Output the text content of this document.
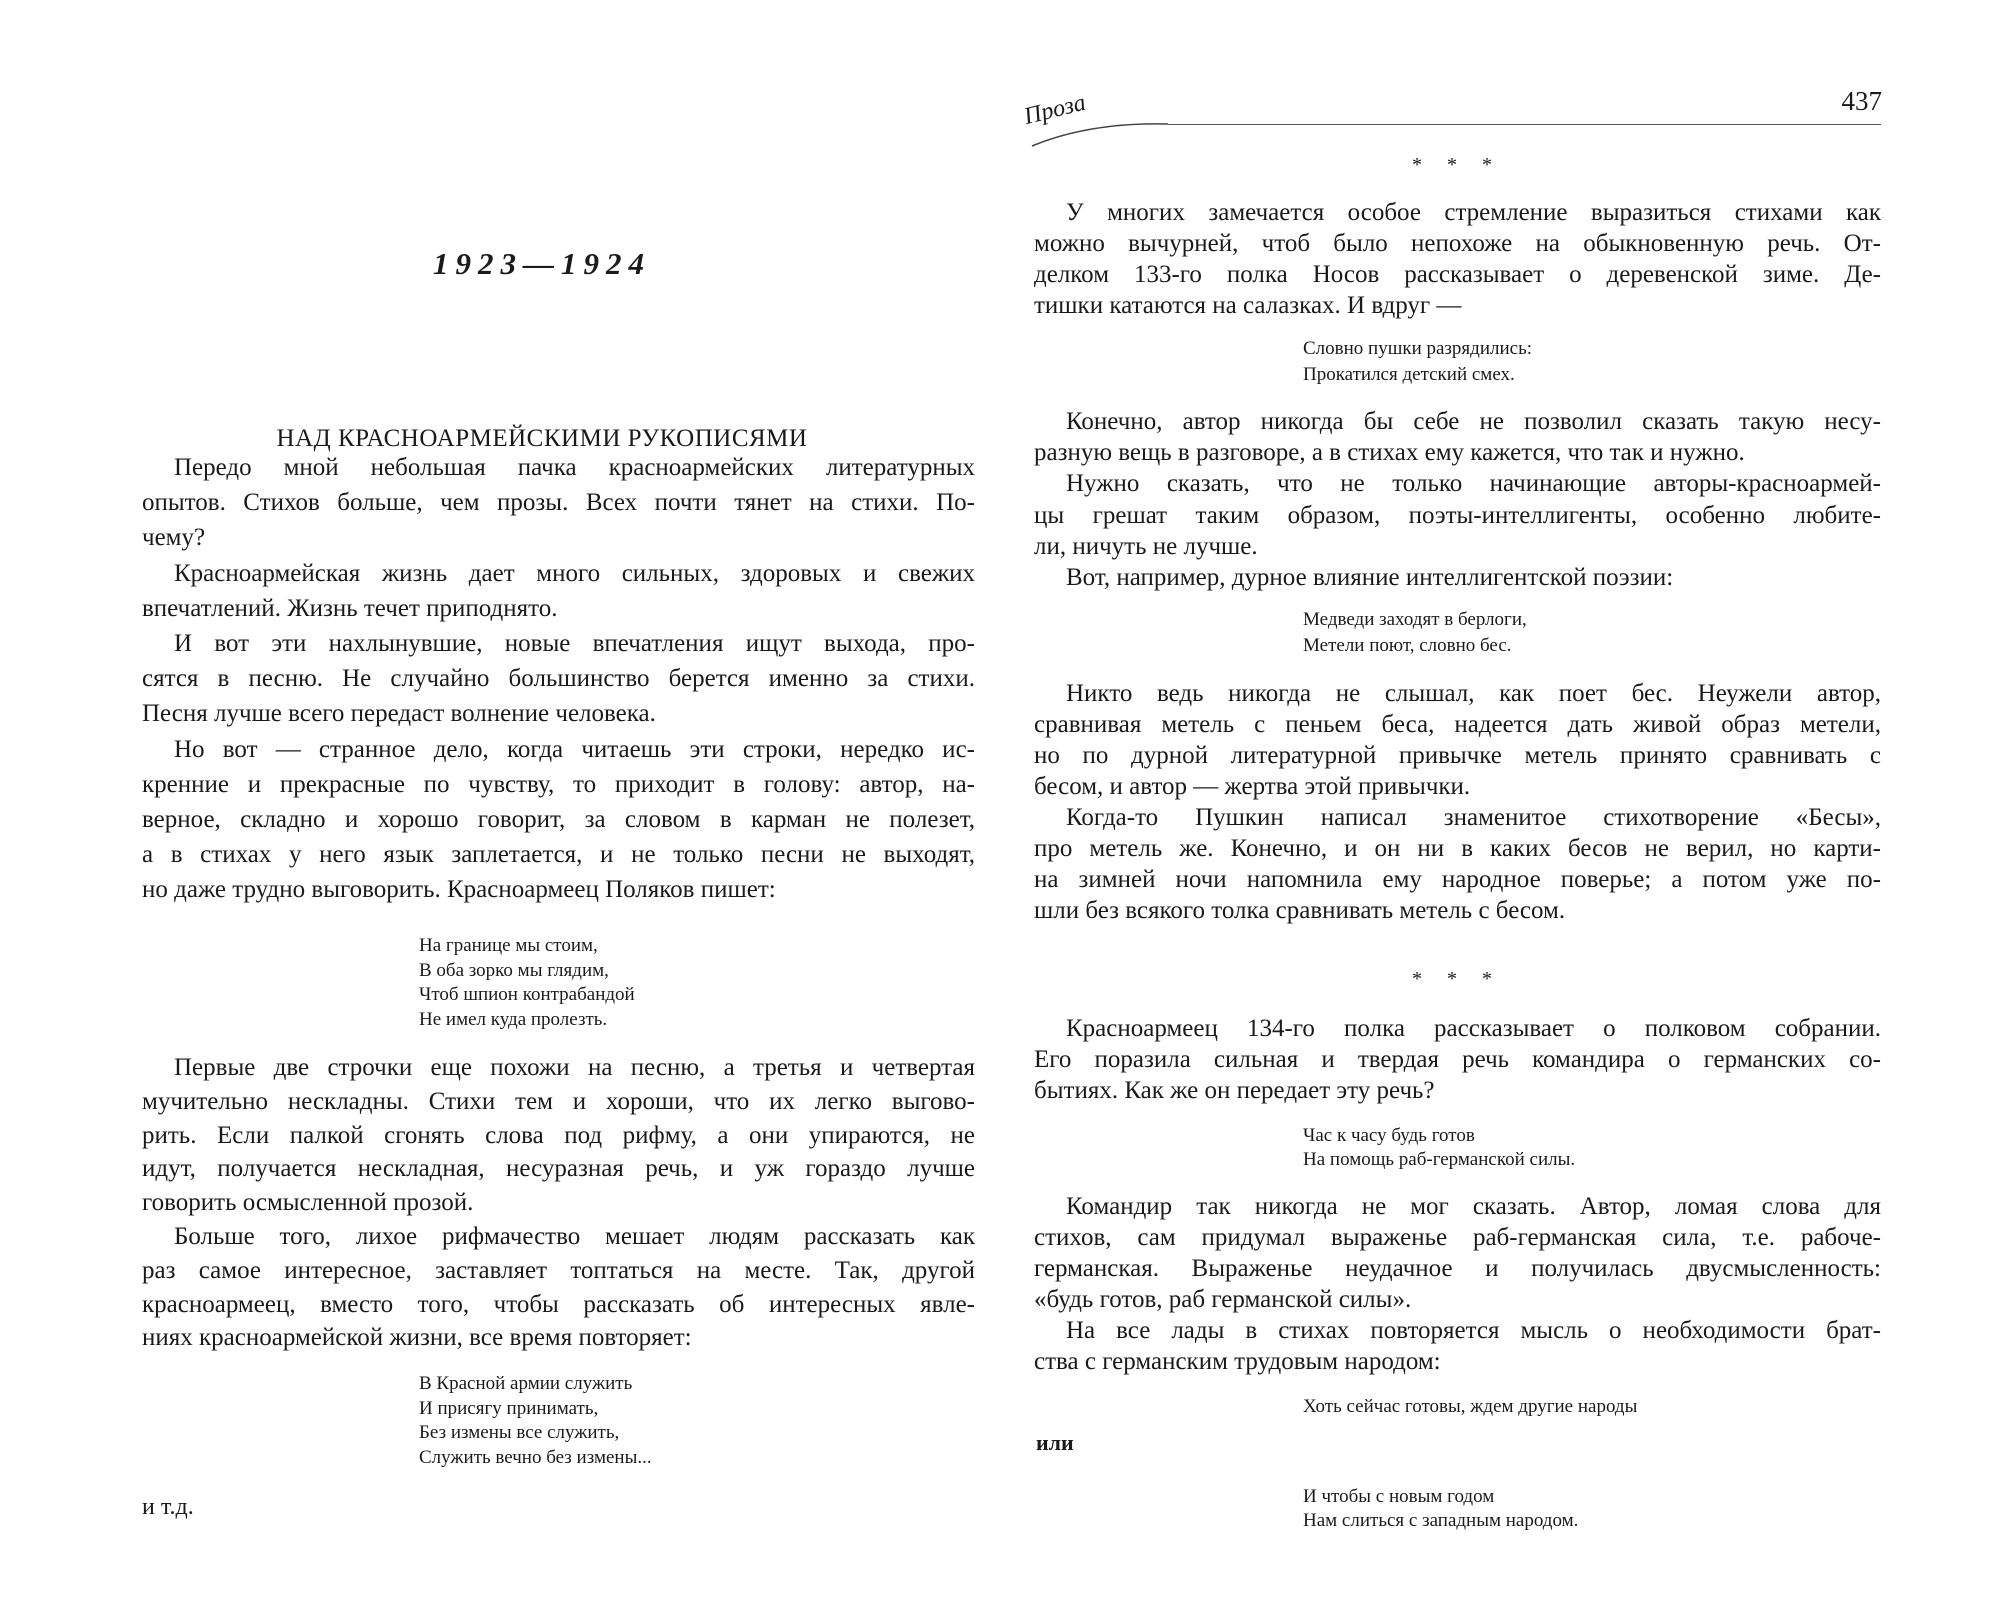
1923—1924
НАД КРАСНОАРМЕЙСКИМИ РУКОПИСЯМИ
Передо мной небольшая пачка красноармейских литературных
опытов. Стихов больше, чем прозы. Всех почти тянет на стихи. По-
чему?
Красноармейская жизнь дает много сильных, здоровых и свежих
впечатлений. Жизнь течет приподнято.
И вот эти нахлынувшие, новые впечатления ищут выхода, про-
сятся в песню. Не случайно большинство берется именно за стихи.
Песня лучше всего передаст волнение человека.
Но вот — странное дело, когда читаешь эти строки, нередко ис-
кренние и прекрасные по чувству, то приходит в голову: автор, на-
верное, складно и хорошо говорит, за словом в карман не полезет,
а в стихах у него язык заплетается, и не только песни не выходят,
но даже трудно выговорить. Красноармеец Поляков пишет:
На границе мы стоим,
В оба зорко мы глядим,
Чтоб шпион контрабандой
Не имел куда пролезть.
Первые две строчки еще похожи на песню, а третья и четвертая
мучительно нескладны. Стихи тем и хороши, что их легко выгово-
рить. Если палкой сгонять слова под рифму, а они упираются, не
идут, получается нескладная, несуразная речь, и уж гораздо лучше
говорить осмысленной прозой.
Больше того, лихое рифмачество мешает людям рассказать как
раз самое интересное, заставляет топтаться на месте. Так, другой
красноармеец, вместо того, чтобы рассказать об интересных явле-
ниях красноармейской жизни, все время повторяет:
В Красной армии служить
И присягу принимать,
Без измены все служить,
Служить вечно без измены...
и т.д.
437
Проза
* * *
У многих замечается особое стремление выразиться стихами как
можно вычурней, чтоб было непохоже на обыкновенную речь. От-
делком 133-го полка Носов рассказывает о деревенской зиме. Де-
тишки катаются на салазках. И вдруг —
Словно пушки разрядились:
Прокатился детский смех.
Конечно, автор никогда бы себе не позволил сказать такую несу-
разную вещь в разговоре, а в стихах ему кажется, что так и нужно.
Нужно сказать, что не только начинающие авторы-красноармей-
цы грешат таким образом, поэты-интеллигенты, особенно любите-
ли, ничуть не лучше.
Вот, например, дурное влияние интеллигентской поэзии:
Медведи заходят в берлоги,
Метели поют, словно бес.
Никто ведь никогда не слышал, как поет бес. Неужели автор,
сравнивая метель с пеньем беса, надеется дать живой образ метели,
но по дурной литературной привычке метель принято сравнивать с
бесом, и автор — жертва этой привычки.
Когда-то Пушкин написал знаменитое стихотворение «Бесы»,
про метель же. Конечно, и он ни в каких бесов не верил, но карти-
на зимней ночи напомнила ему народное поверье; а потом уже по-
шли без всякого толка сравнивать метель с бесом.
* * *
Красноармеец 134-го полка рассказывает о полковом собрании.
Его поразила сильная и твердая речь командира о германских со-
бытиях. Как же он передает эту речь?
Час к часу будь готов
На помощь раб-германской силы.
Командир так никогда не мог сказать. Автор, ломая слова для
стихов, сам придумал выраженье раб-германская сила, т.е. рабоче-
германская. Выраженье неудачное и получилась двусмысленность:
«будь готов, раб германской силы».
На все лады в стихах повторяется мысль о необходимости брат-
ства с германским трудовым народом:
Хоть сейчас готовы, ждем другие народы
или
И чтобы с новым годом
Нам слиться с западным народом.
